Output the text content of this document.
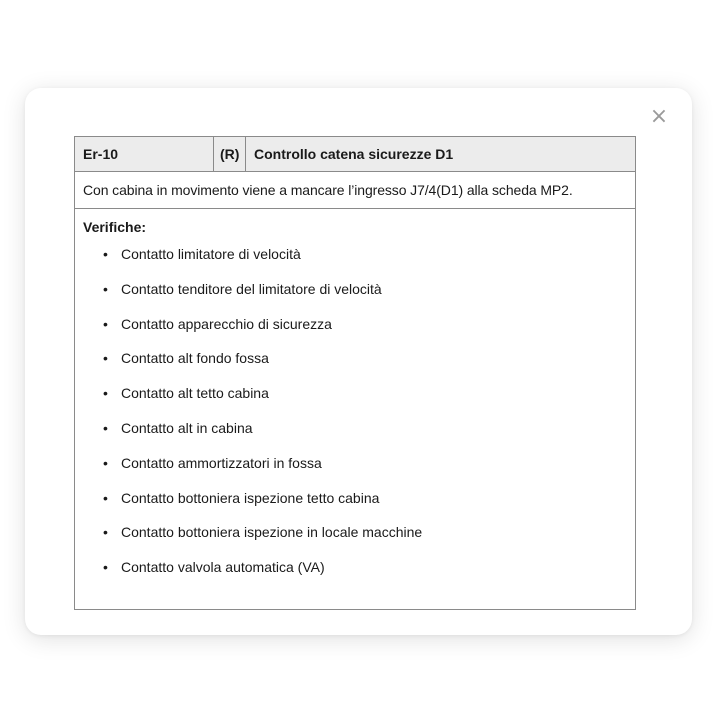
×
Er-10	(R)	Controllo catena sicurezze D1
Con cabina in movimento viene a mancare l’ingresso J7/4(D1) alla scheda MP2.

Verifiche:
• Contatto limitatore di velocità
• Contatto tenditore del limitatore di velocità
• Contatto apparecchio di sicurezza
• Contatto alt fondo fossa
• Contatto alt tetto cabina
• Contatto alt in cabina
• Contatto ammortizzatori in fossa
• Contatto bottoniera ispezione tetto cabina
• Contatto bottoniera ispezione in locale macchine
• Contatto valvola automatica (VA)
